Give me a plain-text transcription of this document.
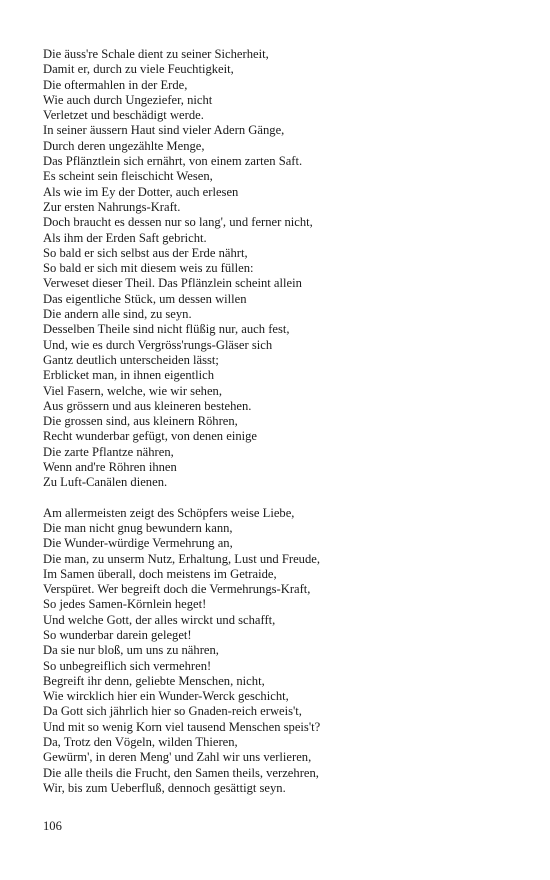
Die äuss're Schale dient zu seiner Sicherheit,
Damit er, durch zu viele Feuchtigkeit,
Die oftermahlen in der Erde,
Wie auch durch Ungeziefer, nicht
Verletzet und beschädigt werde.
In seiner äussern Haut sind vieler Adern Gänge,
Durch deren ungezählte Menge,
Das Pflänztlein sich ernährt, von einem zarten Saft.
Es scheint sein fleischicht Wesen,
Als wie im Ey der Dotter, auch erlesen
Zur ersten Nahrungs-Kraft.
Doch braucht es dessen nur so lang', und ferner nicht,
Als ihm der Erden Saft gebricht.
So bald er sich selbst aus der Erde nährt,
So bald er sich mit diesem weis zu füllen:
Verweset dieser Theil. Das Pflänzlein scheint allein
Das eigentliche Stück, um dessen willen
Die andern alle sind, zu seyn.
Desselben Theile sind nicht flüßig nur, auch fest,
Und, wie es durch Vergröss'rungs-Gläser sich
Gantz deutlich unterscheiden lässt;
Erblicket man, in ihnen eigentlich
Viel Fasern, welche, wie wir sehen,
Aus grössern und aus kleineren bestehen.
Die grossen sind, aus kleinern Röhren,
Recht wunderbar gefügt, von denen einige
Die zarte Pflantze nähren,
Wenn and're Röhren ihnen
Zu Luft-Canälen dienen.
Am allermeisten zeigt des Schöpfers weise Liebe,
Die man nicht gnug bewundern kann,
Die Wunder-würdige Vermehrung an,
Die man, zu unserm Nutz, Erhaltung, Lust und Freude,
Im Samen überall, doch meistens im Getraide,
Verspüret. Wer begreift doch die Vermehrungs-Kraft,
So jedes Samen-Körnlein heget!
Und welche Gott, der alles wirckt und schafft,
So wunderbar darein geleget!
Da sie nur bloß, um uns zu nähren,
So unbegreiflich sich vermehren!
Begreift ihr denn, geliebte Menschen, nicht,
Wie wircklich hier ein Wunder-Werck geschicht,
Da Gott sich jährlich hier so Gnaden-reich erweis't,
Und mit so wenig Korn viel tausend Menschen speis't?
Da, Trotz den Vögeln, wilden Thieren,
Gewürm', in deren Meng' und Zahl wir uns verlieren,
Die alle theils die Frucht, den Samen theils, verzehren,
Wir, bis zum Ueberfluß, dennoch gesättigt seyn.
106
